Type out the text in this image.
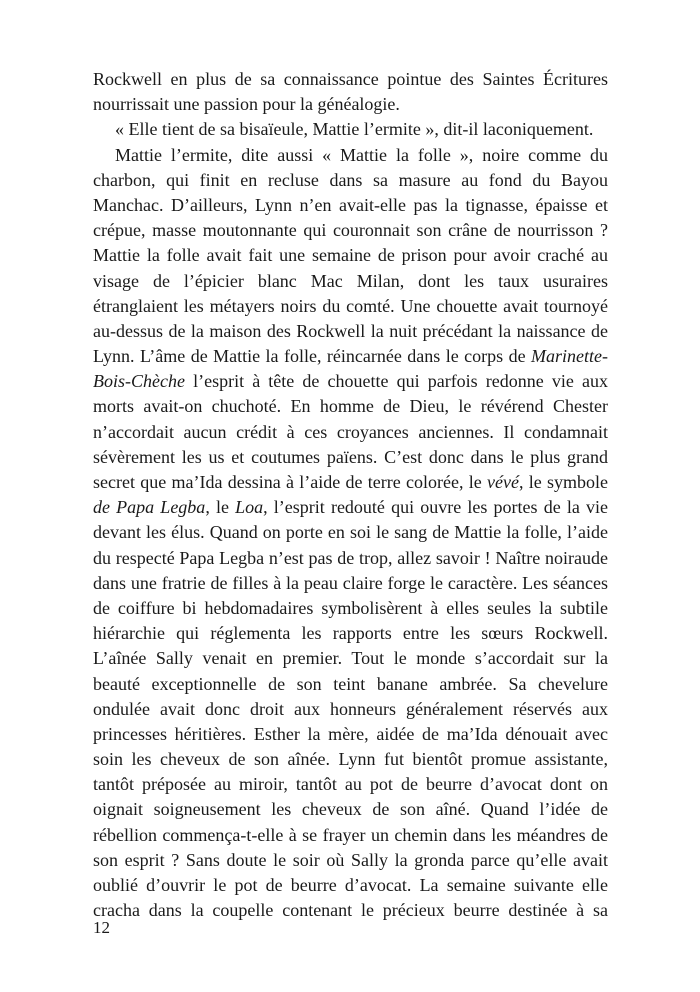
Rockwell en plus de sa connaissance pointue des Saintes Écritures
nourrissait une passion pour la généalogie.
« Elle tient de sa bisaïeule, Mattie l’ermite », dit-il laconiquement.
Mattie l’ermite, dite aussi « Mattie la folle », noire comme du
charbon, qui finit en recluse dans sa masure au fond du Bayou
Manchac. D’ailleurs, Lynn n’en avait-elle pas la tignasse, épaisse et
crépue, masse moutonnante qui couronnait son crâne de nourrisson ?
Mattie la folle avait fait une semaine de prison pour avoir craché au
visage de l’épicier blanc Mac Milan, dont les taux usuraires
étranglaient les métayers noirs du comté. Une chouette avait tournoyé
au-dessus de la maison des Rockwell la nuit précédant la naissance de
Lynn. L’âme de Mattie la folle, réincarnée dans le corps de Marinette-
Bois-Chèche l’esprit à tête de chouette qui parfois redonne vie aux
morts avait-on chuchoté. En homme de Dieu, le révérend Chester
n’accordait aucun crédit à ces croyances anciennes. Il condamnait
sévèrement les us et coutumes païens. C’est donc dans le plus grand
secret que ma’Ida dessina à l’aide de terre colorée, le vévé, le symbole
de Papa Legba, le Loa, l’esprit redouté qui ouvre les portes de la vie
devant les élus. Quand on porte en soi le sang de Mattie la folle, l’aide
du respecté Papa Legba n’est pas de trop, allez savoir ! Naître noiraude
dans une fratrie de filles à la peau claire forge le caractère. Les séances
de coiffure bi hebdomadaires symbolisèrent à elles seules la subtile
hiérarchie qui réglementa les rapports entre les sœurs Rockwell.
L’aînée Sally venait en premier. Tout le monde s’accordait sur la
beauté exceptionnelle de son teint banane ambrée. Sa chevelure
ondulée avait donc droit aux honneurs généralement réservés aux
princesses héritières. Esther la mère, aidée de ma’Ida dénouait avec
soin les cheveux de son aînée. Lynn fut bientôt promue assistante,
tantôt préposée au miroir, tantôt au pot de beurre d’avocat dont on
oignait soigneusement les cheveux de son aîné. Quand l’idée de
rébellion commença-t-elle à se frayer un chemin dans les méandres de
son esprit ? Sans doute le soir où Sally la gronda parce qu’elle avait
oublié d’ouvrir le pot de beurre d’avocat. La semaine suivante elle
cracha dans la coupelle contenant le précieux beurre destinée à sa
12
